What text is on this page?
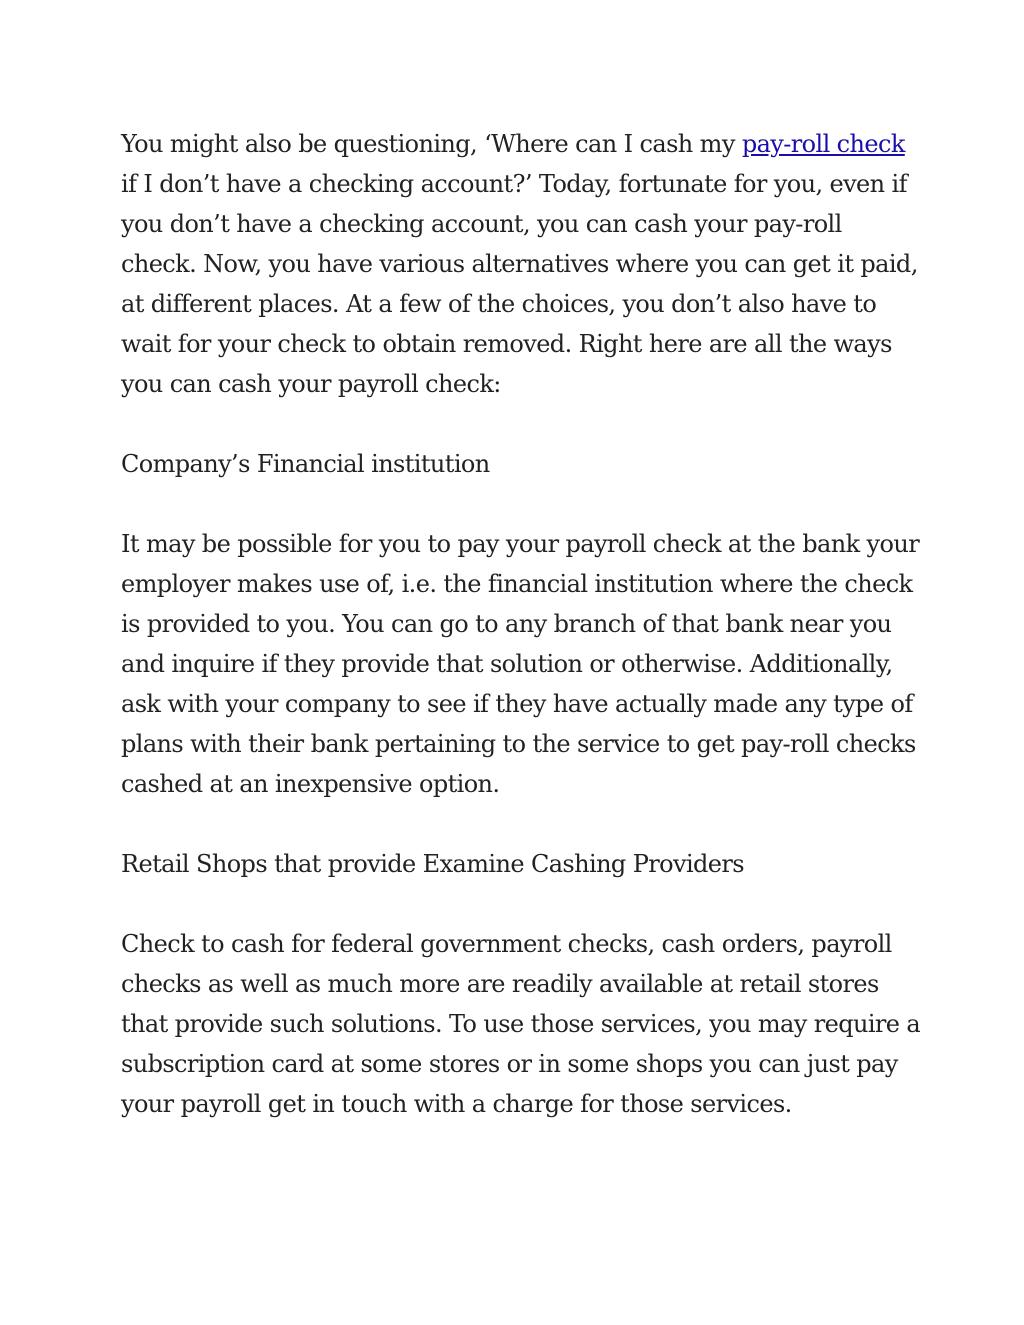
You might also be questioning, ‘Where can I cash my pay-roll check if I don’t have a checking account?’ Today, fortunate for you, even if you don’t have a checking account, you can cash your pay-roll check. Now, you have various alternatives where you can get it paid, at different places. At a few of the choices, you don’t also have to wait for your check to obtain removed. Right here are all the ways you can cash your payroll check:

Company’s Financial institution

It may be possible for you to pay your payroll check at the bank your employer makes use of, i.e. the financial institution where the check is provided to you. You can go to any branch of that bank near you and inquire if they provide that solution or otherwise. Additionally, ask with your company to see if they have actually made any type of plans with their bank pertaining to the service to get pay-roll checks cashed at an inexpensive option.

Retail Shops that provide Examine Cashing Providers

Check to cash for federal government checks, cash orders, payroll checks as well as much more are readily available at retail stores that provide such solutions. To use those services, you may require a subscription card at some stores or in some shops you can just pay your payroll get in touch with a charge for those services.
